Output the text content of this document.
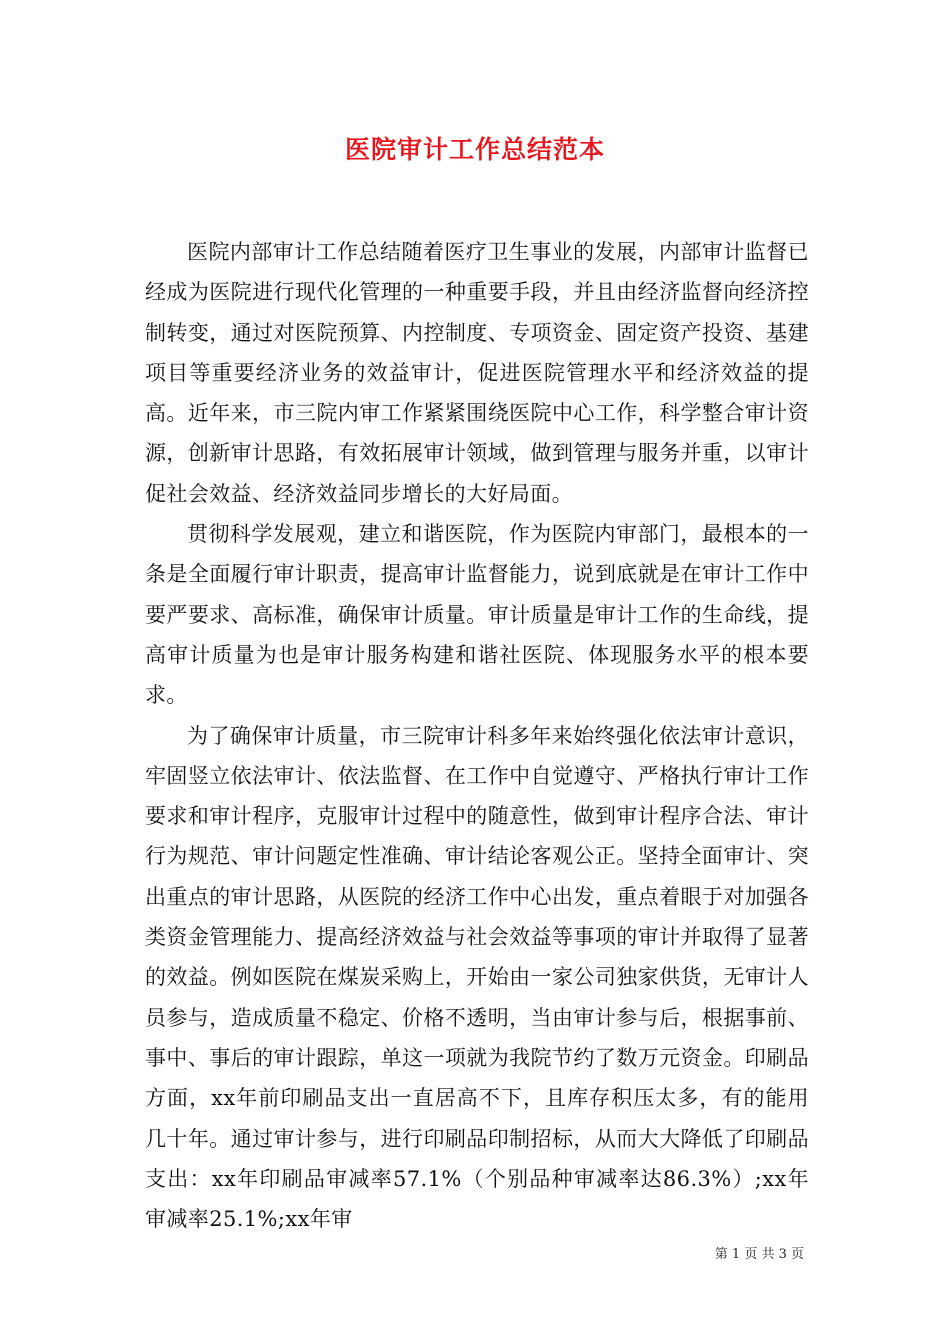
医院审计工作总结范本

医院内部审计工作总结随着医疗卫生事业的发展，内部审计监督已经成为医院进行现代化管理的一种重要手段，并且由经济监督向经济控制转变，通过对医院预算、内控制度、专项资金、固定资产投资、基建项目等重要经济业务的效益审计，促进医院管理水平和经济效益的提高。近年来，市三院内审工作紧紧围绕医院中心工作，科学整合审计资源，创新审计思路，有效拓展审计领域，做到管理与服务并重，以审计促社会效益、经济效益同步增长的大好局面。

贯彻科学发展观，建立和谐医院，作为医院内审部门，最根本的一条是全面履行审计职责，提高审计监督能力，说到底就是在审计工作中要严要求、高标准，确保审计质量。审计质量是审计工作的生命线，提高审计质量为也是审计服务构建和谐社医院、体现服务水平的根本要求。

为了确保审计质量，市三院审计科多年来始终强化依法审计意识，牢固竖立依法审计、依法监督、在工作中自觉遵守、严格执行审计工作要求和审计程序，克服审计过程中的随意性，做到审计程序合法、审计行为规范、审计问题定性准确、审计结论客观公正。坚持全面审计、突出重点的审计思路，从医院的经济工作中心出发，重点着眼于对加强各类资金管理能力、提高经济效益与社会效益等事项的审计并取得了显著的效益。例如医院在煤炭采购上，开始由一家公司独家供货，无审计人员参与，造成质量不稳定、价格不透明，当由审计参与后，根据事前、事中、事后的审计跟踪，单这一项就为我院节约了数万元资金。印刷品方面，xx年前印刷品支出一直居高不下，且库存积压太多，有的能用几十年。通过审计参与，进行印刷品印制招标，从而大大降低了印刷品支出：xx年印刷品审减率57.1%（个别品种审减率达86.3%）;xx年审减率25.1%;xx年审

第 1 页 共 3 页
